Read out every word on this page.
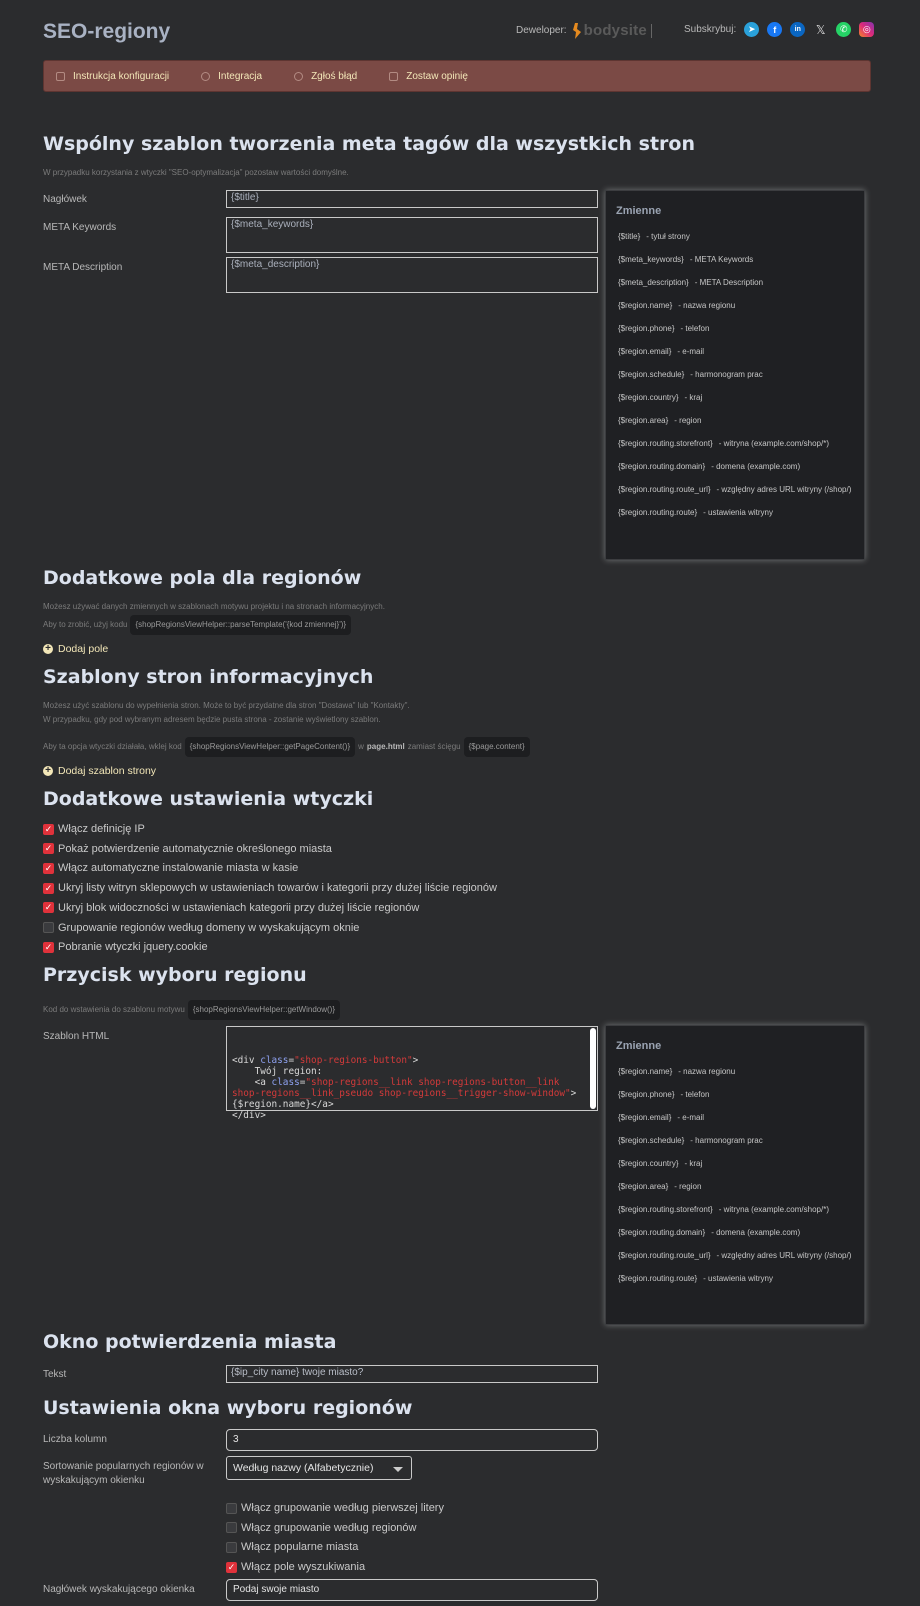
SEO-regiony	Deweloper: bodysite	Subskrybuj:	➤	f	in	𝕏	✆	◎
Instrukcja konfiguracji	Integracja	Zgłoś błąd	Zostaw opinię
Wspólny szablon tworzenia meta tagów dla wszystkich stron
W przypadku korzystania z wtyczki "SEO-optymalizacja" pozostaw wartości domyślne.
Nagłówek	{$title}
META Keywords	{$meta_keywords}
META Description	{$meta_description}
Zmienne
{$title} - tytuł strony
{$meta_keywords} - META Keywords
{$meta_description} - META Description
{$region.name} - nazwa regionu
{$region.phone} - telefon
{$region.email} - e-mail
{$region.schedule} - harmonogram prac
{$region.country} - kraj
{$region.area} - region
{$region.routing.storefront} - witryna (example.com/shop/*)
{$region.routing.domain} - domena (example.com)
{$region.routing.route_url} - względny adres URL witryny (/shop/)
{$region.routing.route} - ustawienia witryny
Dodatkowe pola dla regionów
Możesz używać danych zmiennych w szablonach motywu projektu i na stronach informacyjnych.
Aby to zrobić, użyj kodu	{shopRegionsViewHelper::parseTemplate('{kod zmiennej}')}
+ Dodaj pole
Szablony stron informacyjnych
Możesz użyć szablonu do wypełnienia stron. Może to być przydatne dla stron "Dostawa" lub "Kontakty".
W przypadku, gdy pod wybranym adresem będzie pusta strona - zostanie wyświetlony szablon.
Aby ta opcja wtyczki działała, wklej kod	{shopRegionsViewHelper::getPageContent()}	w page.html zamiast ścięgu	{$page.content}
+ Dodaj szablon strony
Dodatkowe ustawienia wtyczki
✓ Włącz definicję IP
✓ Pokaż potwierdzenie automatycznie określonego miasta
✓ Włącz automatyczne instalowanie miasta w kasie
✓ Ukryj listy witryn sklepowych w ustawieniach towarów i kategorii przy dużej liście regionów
✓ Ukryj blok widoczności w ustawieniach kategorii przy dużej liście regionów
Grupowanie regionów według domeny w wyskakującym oknie
✓ Pobranie wtyczki jquery.cookie
Przycisk wyboru regionu
Kod do wstawienia do szablonu motywu	{shopRegionsViewHelper::getWindow()}
Szablon HTML

<div class="shop-regions-button">
Twój region:
<a class="shop-regions__link shop-regions-button__link shop-regions__link_pseudo shop-regions__trigger-show-window">{$region.name}</a>
</div>

Zmienne
{$region.name} - nazwa regionu
{$region.phone} - telefon
{$region.email} - e-mail
{$region.schedule} - harmonogram prac
{$region.country} - kraj
{$region.area} - region
{$region.routing.storefront} - witryna (example.com/shop/*)
{$region.routing.domain} - domena (example.com)
{$region.routing.route_url} - względny adres URL witryny (/shop/)
{$region.routing.route} - ustawienia witryny
Okno potwierdzenia miasta
Tekst	{$ip_city name} twoje miasto?
Ustawienia okna wyboru regionów
Liczba kolumn	3
Sortowanie popularnych regionów w wyskakującym okienku
Według nazwy (Alfabetycznie)
Włącz grupowanie według pierwszej litery
Włącz grupowanie według regionów
Włącz popularne miasta
✓ Włącz pole wyszukiwania
Nagłówek wyskakującego okienka	Podaj swoje miasto
